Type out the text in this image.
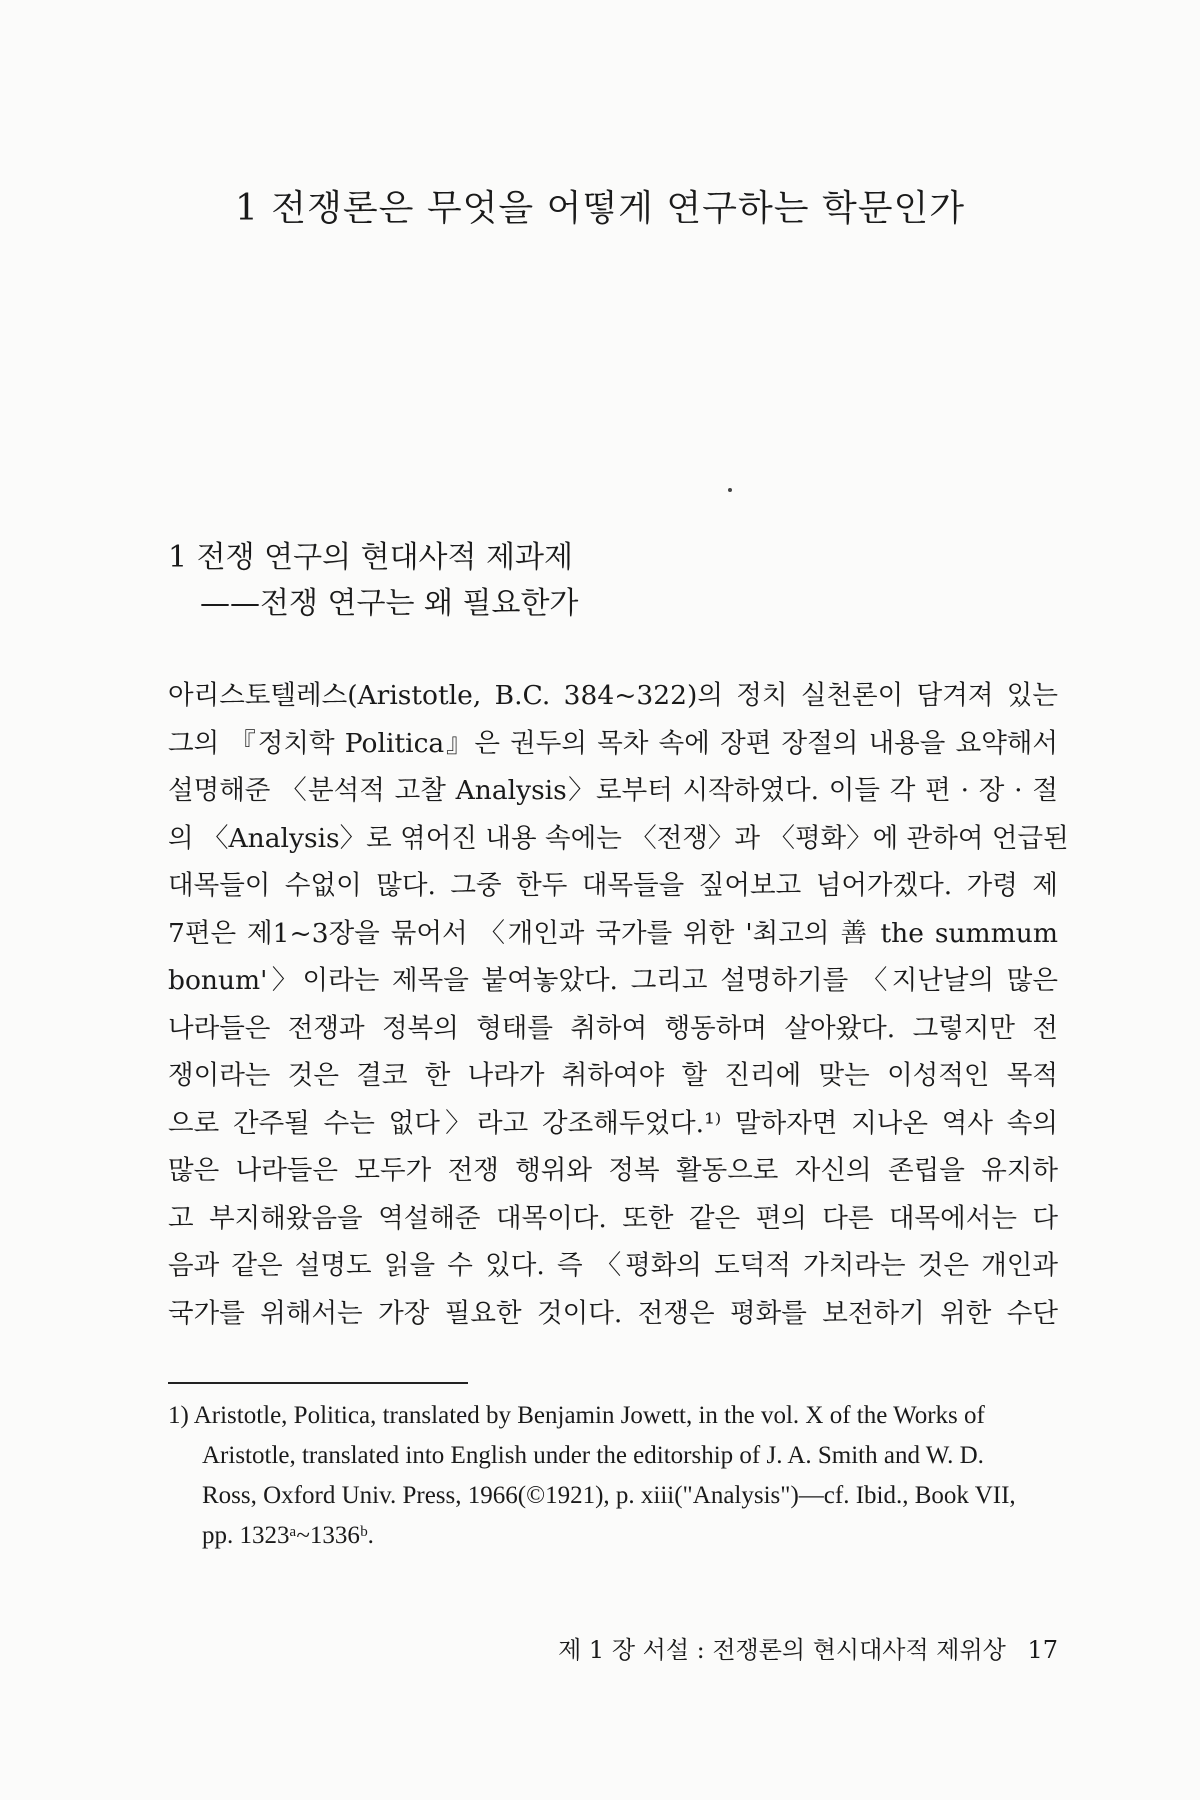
1 전쟁론은 무엇을 어떻게 연구하는 학문인가
1 전쟁 연구의 현대사적 제과제
——전쟁 연구는 왜 필요한가
아리스토텔레스(Aristotle, B.C. 384~322)의 정치 실천론이 담겨져 있는
그의 『정치학 Politica』은 권두의 목차 속에 장편 장절의 내용을 요약해서
설명해준 〈분석적 고찰 Analysis〉로부터 시작하였다. 이들 각 편 · 장 · 절
의 〈Analysis〉로 엮어진 내용 속에는 〈전쟁〉과 〈평화〉에 관하여 언급된
대목들이 수없이 많다. 그중 한두 대목들을 짚어보고 넘어가겠다. 가령 제
7편은 제1~3장을 묶어서 〈개인과 국가를 위한 '최고의 善 the summum
bonum'〉이라는 제목을 붙여놓았다. 그리고 설명하기를 〈지난날의 많은
나라들은 전쟁과 정복의 형태를 취하여 행동하며 살아왔다. 그렇지만 전
쟁이라는 것은 결코 한 나라가 취하여야 할 진리에 맞는 이성적인 목적
으로 간주될 수는 없다〉라고 강조해두었다.¹⁾ 말하자면 지나온 역사 속의
많은 나라들은 모두가 전쟁 행위와 정복 활동으로 자신의 존립을 유지하
고 부지해왔음을 역설해준 대목이다. 또한 같은 편의 다른 대목에서는 다
음과 같은 설명도 읽을 수 있다. 즉 〈평화의 도덕적 가치라는 것은 개인과
국가를 위해서는 가장 필요한 것이다. 전쟁은 평화를 보전하기 위한 수단
1) Aristotle, Politica, translated by Benjamin Jowett, in the vol. X of the Works of
Aristotle, translated into English under the editorship of J. A. Smith and W. D.
Ross, Oxford Univ. Press, 1966(©1921), p. xiii("Analysis")—cf. Ibid., Book VII,
pp. 1323ᵃ~1336ᵇ.
제 1 장 서설 : 전쟁론의 현시대사적 제위상 17
